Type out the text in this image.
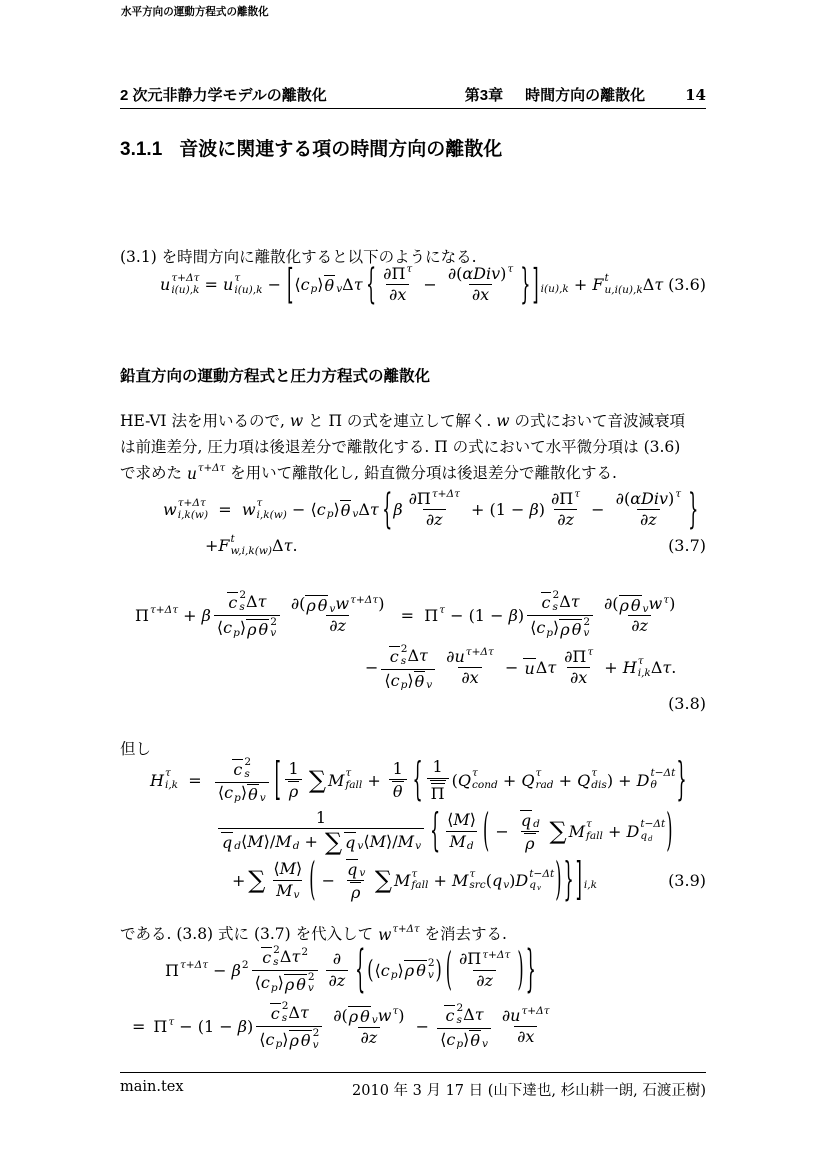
2 次元非静力学モデルの離散化	第3章 時間方向の離散化	14
3.1.1 音波に関連する項の時間方向の離散化
水平方向の運動方程式の離散化
(3.1) を時間方向に離散化すると以下のようになる.
u τ+Δτ
i(u),k = u τ
i(u),k − [ ⟨ c p ⟩ θ v Δ τ { $\frac{\text{∂ Π τ}}{\partial x} - \frac{\text{∂ ( αDiv ) τ}}{\partial x}$ } ] i(u),k + F t
u,i(u),k Δ τ (3.6)
鉛直方向の運動方程式と圧力方程式の離散化
HE-VI 法を用いるので, w と Π の式を連立して解く. w の式において音波減衰項
は前進差分, 圧力項は後退差分で離散化する. Π の式において水平微分項は (3.6)
で求めた u τ+Δτ を用いて離散化し, 鉛直微分項は後退差分で離散化する.
w τ+Δτ
i,k(w) = w τ
i,k(w) − ⟨ c p ⟩ θ v Δ τ { β $\frac{\text{∂ Π τ+Δτ}}{\partial z} + (1 - \beta$ ) $\frac{\text{∂ Π τ}}{\partial z} - \frac{\text{∂ ( αDiv ) τ}}{\partial z}$ }
+ F t
w,i,k(w) Δ τ .	(3.7)
Π τ+Δτ + β c 2
s Δ τ
⟨ c p ⟩ ρ θ 2
v $\frac{\text{∂ ( ρ θ v w τ+Δτ )}}{\partial z} = \Pi$ τ − (1 − β ) c 2
s Δ τ
⟨ c p ⟩ ρ θ 2
v $\frac{\text{∂ ( ρ θ v w τ )}}{\partial z}$
− c 2
s Δ τ
⟨ c p ⟩ θ v $\frac{\text{∂ u τ+Δτ}}{\partial x} - u$ Δ τ $\frac{\text{∂ Π τ}}{\partial x} + H$ τ
i,k Δ τ .
(3.8)
但し
H τ
i,k = c 2
s
⟨ c p ⟩ θ v [ $\frac{1}{\rho}$ ∑ M τ
fall + $\frac{1}{\theta}$ { $\frac{1}{\Pi}$ ( Q τ
cond + Q τ
rad + Q τ
dis ) + D t−Δt
θ	}
$\frac{1}{\text{q d ⟨ M ⟩/ M d + ∑ q v ⟨ M ⟩/ M v}}$ { $\frac{⟨ M ⟩}{\text{M d}}$ ( − $\frac{\text{q d}}{\rho}$ ∑ M τ
fall + D t−Δt
q d )
+ ∑ $\frac{⟨ M ⟩}{\text{M v}}$ ( − $\frac{\text{q v}}{\rho}$ ∑ M τ
fall + M τ
src ( q v ) D t−Δt
q v ) } ] i,k	(3.9)
である. (3.8) 式に (3.7) を代入して w τ+Δτ を消去する.
Π τ+Δτ − β 2 c 2
s Δ τ 2
⟨ c p ⟩ ρ θ 2
v $\frac{\partial}{\partial z}$ { ( ⟨ c p ⟩ ρ θ 2
v ) ( $\frac{\text{∂ Π τ+Δτ}}{\partial z}$ ) }
= Π τ − (1 − β ) c 2
s Δ τ
⟨ c p ⟩ ρ θ 2
v $\frac{\text{∂ ( ρ θ v w τ )}}{\partial z} - c$ 2
s Δ τ
⟨ c p ⟩ θ v $\frac{\text{∂ u τ+Δτ}}{\partial x}$
main.tex	2010 年 3 月 17 日 (山下達也, 杉山耕一朗, 石渡正樹)
